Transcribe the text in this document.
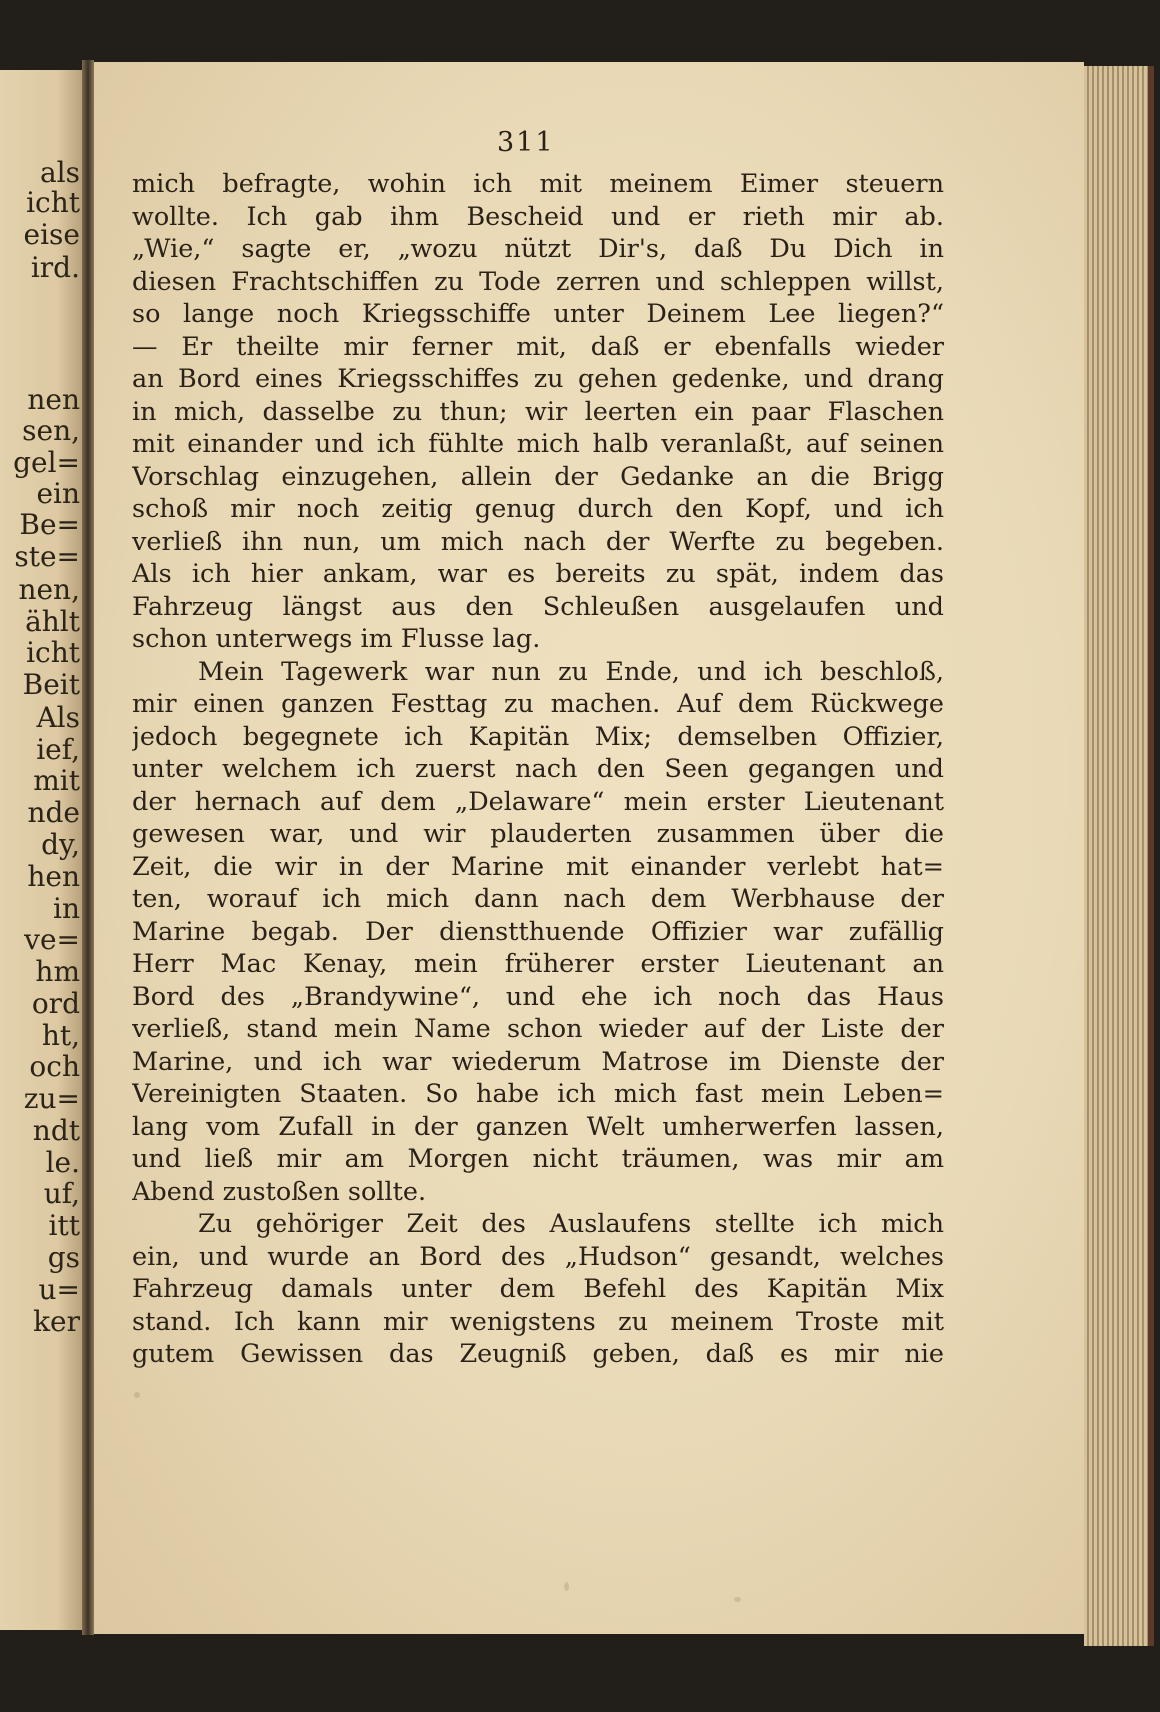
als

icht

eise

ird.

nen

sen,

gel=

ein

Be=

ste=

nen,

ählt

icht

Beit

Als

ief,

mit

nde

dy,

hen

in

ve=

hm

ord

ht,

och

zu=

ndt

le.

uf,

itt

gs

u=

ker

311

mich befragte, wohin ich mit meinem Eimer steuern
wollte. Ich gab ihm Bescheid und er rieth mir ab.
„Wie,“ sagte er, „wozu nützt Dir's, daß Du Dich in
diesen Frachtschiffen zu Tode zerren und schleppen willst,
so lange noch Kriegsschiffe unter Deinem Lee liegen?“
— Er theilte mir ferner mit, daß er ebenfalls wieder
an Bord eines Kriegsschiffes zu gehen gedenke, und drang
in mich, dasselbe zu thun; wir leerten ein paar Flaschen
mit einander und ich fühlte mich halb veranlaßt, auf seinen
Vorschlag einzugehen, allein der Gedanke an die Brigg
schoß mir noch zeitig genug durch den Kopf, und ich
verließ ihn nun, um mich nach der Werfte zu begeben.
Als ich hier ankam, war es bereits zu spät, indem das
Fahrzeug längst aus den Schleußen ausgelaufen und
schon unterwegs im Flusse lag.
Mein Tagewerk war nun zu Ende, und ich beschloß,
mir einen ganzen Festtag zu machen. Auf dem Rückwege
jedoch begegnete ich Kapitän Mix; demselben Offizier,
unter welchem ich zuerst nach den Seen gegangen und
der hernach auf dem „Delaware“ mein erster Lieutenant
gewesen war, und wir plauderten zusammen über die
Zeit, die wir in der Marine mit einander verlebt hat=
ten, worauf ich mich dann nach dem Werbhause der
Marine begab. Der dienstthuende Offizier war zufällig
Herr Mac Kenay, mein früherer erster Lieutenant an
Bord des „Brandywine“, und ehe ich noch das Haus
verließ, stand mein Name schon wieder auf der Liste der
Marine, und ich war wiederum Matrose im Dienste der
Vereinigten Staaten. So habe ich mich fast mein Leben=
lang vom Zufall in der ganzen Welt umherwerfen lassen,
und ließ mir am Morgen nicht träumen, was mir am
Abend zustoßen sollte.
Zu gehöriger Zeit des Auslaufens stellte ich mich
ein, und wurde an Bord des „Hudson“ gesandt, welches
Fahrzeug damals unter dem Befehl des Kapitän Mix
stand. Ich kann mir wenigstens zu meinem Troste mit
gutem Gewissen das Zeugniß geben, daß es mir nie
